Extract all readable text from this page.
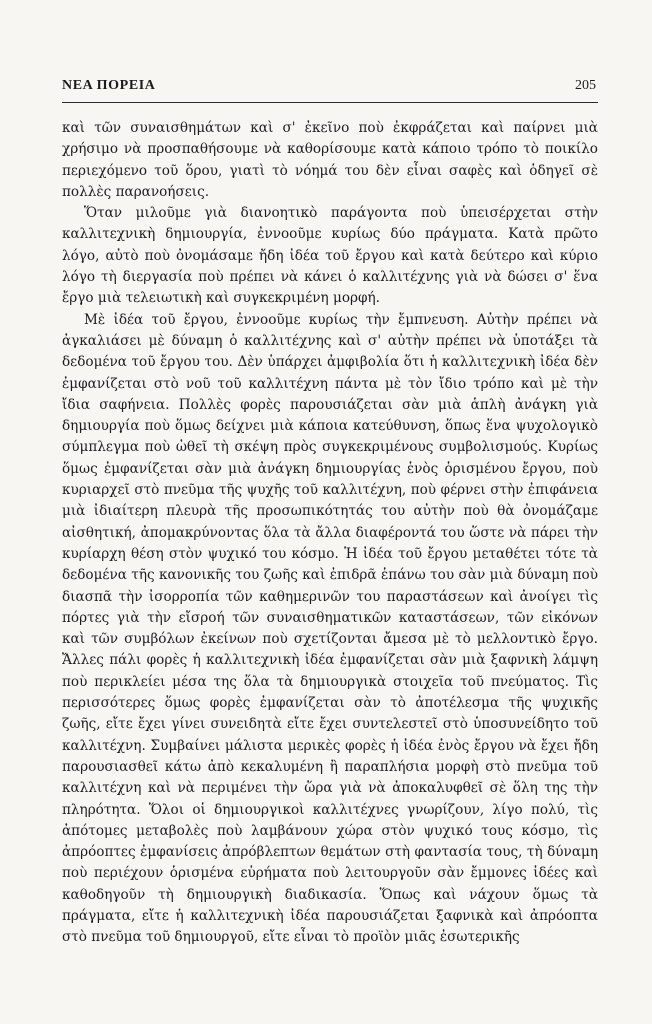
ΝΕΑ ΠΟΡΕΙΑ	205

καὶ τῶν συναισθημάτων καὶ σ' ἐκεῖνο ποὺ ἐκφράζεται καὶ παίρνει μιὰ χρήσιμο νὰ προσπαθήσουμε νὰ καθορίσουμε κατὰ κάποιο τρόπο τὸ ποικίλο περιεχόμενο τοῦ ὅρου, γιατὶ τὸ νόημά του δὲν εἶναι σαφὲς καὶ ὁδηγεῖ σὲ πολλὲς παρανοήσεις.

Ὅταν μιλοῦμε γιὰ διανοητικὸ παράγοντα ποὺ ὑπεισέρχεται στὴν καλλιτεχνικὴ δημιουργία, ἐννοοῦμε κυρίως δύο πράγματα. Κατὰ πρῶτο λόγο, αὐτὸ ποὺ ὀνομάσαμε ἤδη ἰδέα τοῦ ἔργου καὶ κατὰ δεύτερο καὶ κύριο λόγο τὴ διεργασία ποὺ πρέπει νὰ κάνει ὁ καλλιτέχνης γιὰ νὰ δώσει σ' ἕνα ἔργο μιὰ τελειωτικὴ καὶ συγκεκριμένη μορφή.

Μὲ ἰδέα τοῦ ἔργου, ἐννοοῦμε κυρίως τὴν ἔμπνευση. Αὐτὴν πρέπει νὰ ἀγκαλιάσει μὲ δύναμη ὁ καλλιτέχνης καὶ σ' αὐτὴν πρέπει νὰ ὑποτάξει τὰ δεδομένα τοῦ ἔργου του. Δὲν ὑπάρχει ἀμφιβολία ὅτι ἡ καλλιτεχνικὴ ἰδέα δὲν ἐμφανίζεται στὸ νοῦ τοῦ καλλιτέχνη πάντα μὲ τὸν ἴδιο τρόπο καὶ μὲ τὴν ἴδια σαφήνεια. Πολλὲς φορὲς παρουσιάζεται σὰν μιὰ ἁπλὴ ἀνάγκη γιὰ δημιουργία ποὺ ὅμως δείχνει μιὰ κάποια κατεύθυνση, ὅπως ἕνα ψυχολογικὸ σύμπλεγμα ποὺ ὠθεῖ τὴ σκέψη πρὸς συγκεκριμένους συμβολισμούς. Κυρίως ὅμως ἐμφανίζεται σὰν μιὰ ἀνάγκη δημιουργίας ἑνὸς ὁρισμένου ἔργου, ποὺ κυριαρχεῖ στὸ πνεῦμα τῆς ψυχῆς τοῦ καλλιτέχνη, ποὺ φέρνει στὴν ἐπιφάνεια μιὰ ἰδιαίτερη πλευρὰ τῆς προσωπικότητάς του αὐτὴν ποὺ θὰ ὀνομάζαμε αἰσθητική, ἀπομακρύνοντας ὅλα τὰ ἄλλα διαφέροντά του ὥστε νὰ πάρει τὴν κυρίαρχη θέση στὸν ψυχικό του κόσμο. Ἡ ἰδέα τοῦ ἔργου μεταθέτει τότε τὰ δεδομένα τῆς κανονικῆς του ζωῆς καὶ ἐπιδρᾶ ἐπάνω του σὰν μιὰ δύναμη ποὺ διασπᾶ τὴν ἰσορροπία τῶν καθημερινῶν του παραστάσεων καὶ ἀνοίγει τὶς πόρτες γιὰ τὴν εἴσροή τῶν συναισθηματικῶν καταστάσεων, τῶν εἰκόνων καὶ τῶν συμβόλων ἐκείνων ποὺ σχετίζονται ἄμεσα μὲ τὸ μελλοντικὸ ἔργο. Ἄλλες πάλι φορὲς ἡ καλλιτεχνικὴ ἰδέα ἐμφανίζεται σὰν μιὰ ξαφνικὴ λάμψη ποὺ περικλείει μέσα της ὅλα τὰ δημιουργικὰ στοιχεῖα τοῦ πνεύματος. Τὶς περισσότερες ὅμως φορὲς ἐμφανίζεται σὰν τὸ ἀποτέλεσμα τῆς ψυχικῆς ζωῆς, εἴτε ἔχει γίνει συνειδητὰ εἴτε ἔχει συντελεστεῖ στὸ ὑποσυνείδητο τοῦ καλλιτέχνη. Συμβαίνει μάλιστα μερικὲς φορὲς ἡ ἰδέα ἑνὸς ἔργου νὰ ἔχει ἤδη παρουσιασθεῖ κάτω ἀπὸ κεκαλυμένη ἢ παραπλήσια μορφὴ στὸ πνεῦμα τοῦ καλλιτέχνη καὶ νὰ περιμένει τὴν ὥρα γιὰ νὰ ἀποκαλυφθεῖ σὲ ὅλη της τὴν πληρότητα. Ὅλοι οἱ δημιουργικοὶ καλλιτέχνες γνωρίζουν, λίγο πολύ, τὶς ἀπότομες μεταβολὲς ποὺ λαμβάνουν χώρα στὸν ψυχικό τους κόσμο, τὶς ἀπρόοπτες ἐμφανίσεις ἀπρόβλεπτων θεμάτων στὴ φαντασία τους, τὴ δύναμη ποὺ περιέχουν ὁρισμένα εὑρήματα ποὺ λειτουργοῦν σὰν ἔμμονες ἰδέες καὶ καθοδηγοῦν τὴ δημιουργικὴ διαδικασία. Ὅπως καὶ νάχουν ὅμως τὰ πράγματα, εἴτε ἡ καλλιτεχνικὴ ἰδέα παρουσιάζεται ξαφνικὰ καὶ ἀπρόοπτα στὸ πνεῦμα τοῦ δημιουργοῦ, εἴτε εἶναι τὸ προϊὸν μιᾶς ἐσωτερικῆς
